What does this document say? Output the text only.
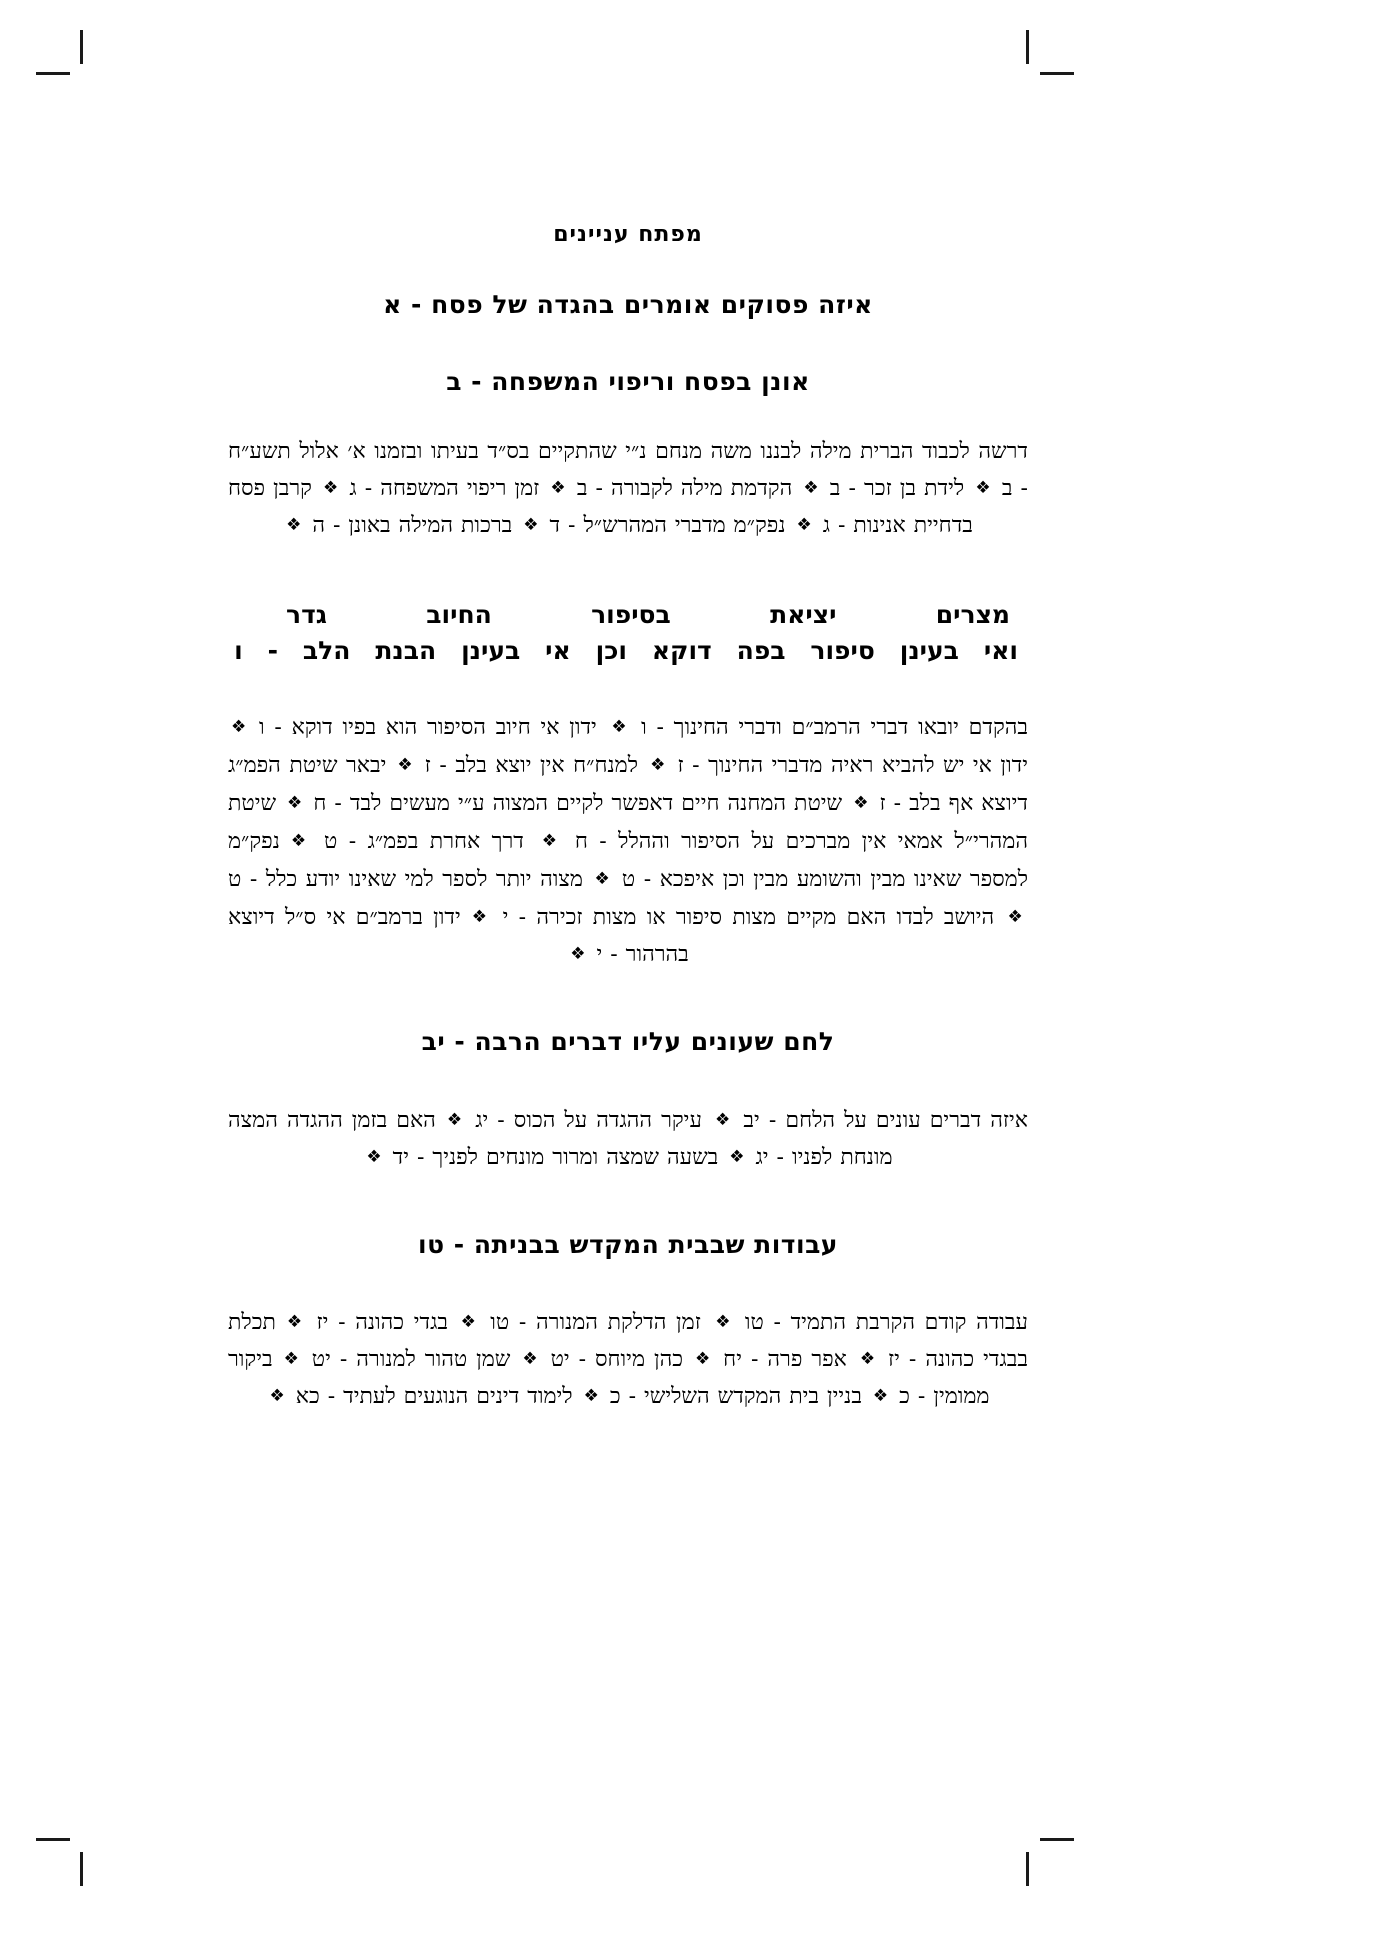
מפתח עניינים
איזה פסוקים אומרים בהגדה של פסח - א
אונן בפסח וריפוי המשפחה - ב

דרשה לכבוד הברית מילה לבננו משה מנחם נ״י שהתקיים בס״ד בעיתו ובזמנו א׳ אלול תשע״ח - ב ❖ לידת בן זכר - ב ❖ הקדמת מילה לקבורה - ב ❖ זמן ריפוי המשפחה - ג ❖ קרבן פסח בדחיית אנינות - ג ❖ נפק״מ מדברי המהרש״ל - ד ❖ ברכות המילה באונן - ה ❖

מצרים
יציאת
בסיפור
החיוב
גדר
ואי
בעינן
סיפור
בפה
דוקא
וכן
אי
בעינן
הבנת
הלב
-
ו

בהקדם יובאו דברי הרמב״ם ודברי החינוך - ו ❖ ידון אי חיוב הסיפור הוא בפיו דוקא - ו ❖ ידון אי יש להביא ראיה מדברי החינוך - ז ❖ למנח״ח אין יוצא בלב - ז ❖ יבאר שיטת הפמ״ג דיוצא אף בלב - ז ❖ שיטת המחנה חיים דאפשר לקיים המצוה ע״י מעשים לבד - ח ❖ שיטת המהרי״ל אמאי אין מברכים על הסיפור וההלל - ח ❖ דרך אחרת בפמ״ג - ט ❖ נפק״מ למספר שאינו מבין והשומע מבין וכן איפכא - ט ❖ מצוה יותר לספר למי שאינו יודע כלל - ט ❖ היושב לבדו האם מקיים מצות סיפור או מצות זכירה - י ❖ ידון ברמב״ם אי ס״ל דיוצא בהרהור - י ❖

לחם שעונים עליו דברים הרבה - יב

איזה דברים עונים על הלחם - יב ❖ עיקר ההגדה על הכוס - יג ❖ האם בזמן ההגדה המצה מונחת לפניו - יג ❖ בשעה שמצה ומרור מונחים לפניך - יד ❖

עבודות שבבית המקדש בבניתה - טו

עבודה קודם הקרבת התמיד - טו ❖ זמן הדלקת המנורה - טו ❖ בגדי כהונה - יז ❖ תכלת בבגדי כהונה - יז ❖ אפר פרה - יח ❖ כהן מיוחס - יט ❖ שמן טהור למנורה - יט ❖ ביקור ממומין - כ ❖ בניין בית המקדש השלישי - כ ❖ לימוד דינים הנוגעים לעתיד - כא ❖
